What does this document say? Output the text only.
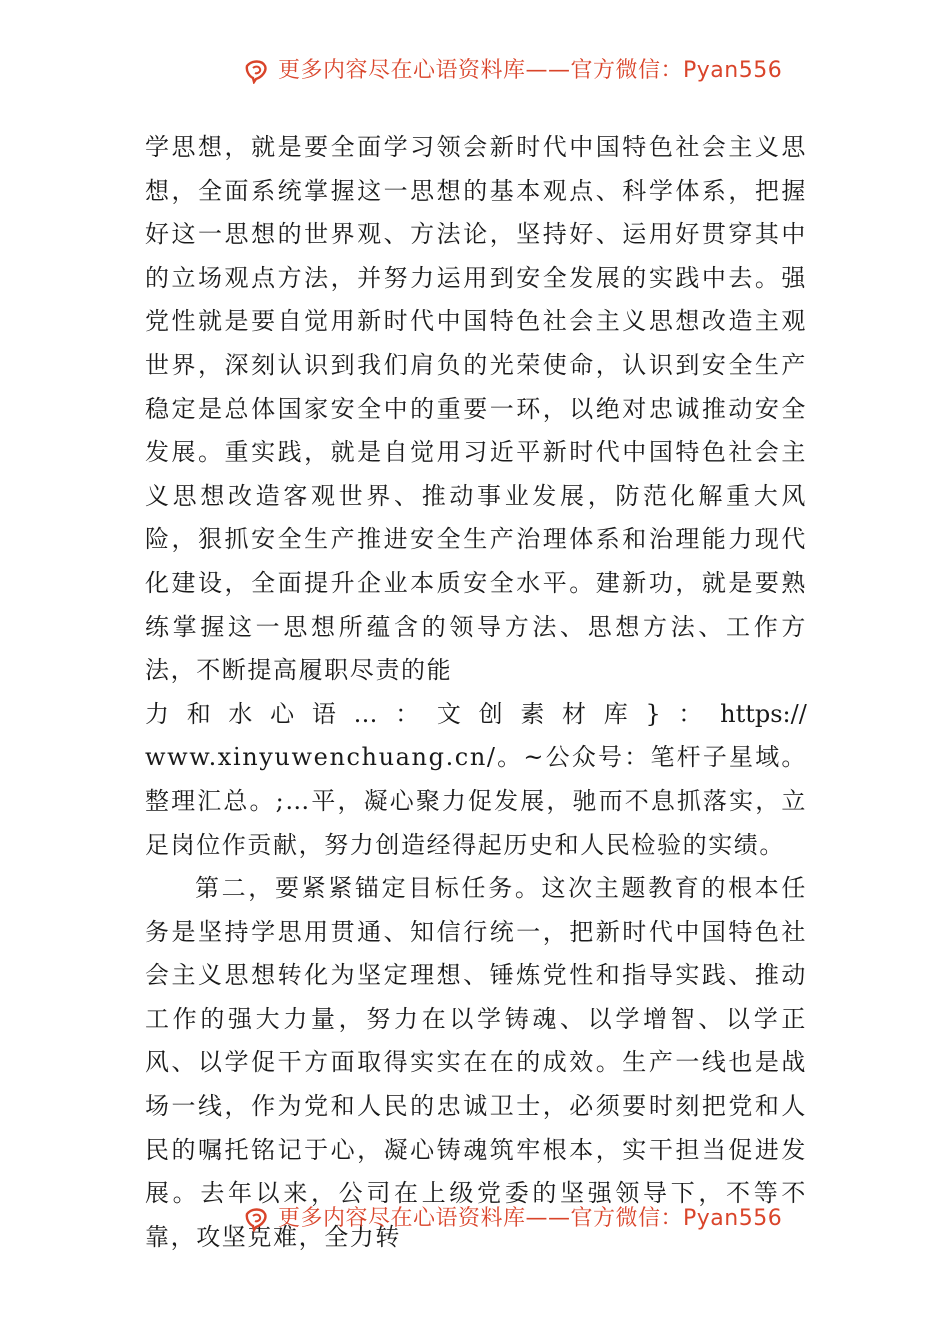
更多内容尽在心语资料库——官方微信：Pyan556

学思想，就是要全面学习领会新时代中国特色社会主义思想，全面系统掌握这一思想的基本观点、科学体系，把握好这一思想的世界观、方法论，坚持好、运用好贯穿其中的立场观点方法，并努力运用到安全发展的实践中去。强党性就是要自觉用新时代中国特色社会主义思想改造主观世界，深刻认识到我们肩负的光荣使命，认识到安全生产稳定是总体国家安全中的重要一环，以绝对忠诚推动安全发展。重实践，就是自觉用习近平新时代中国特色社会主义思想改造客观世界、推动事业发展，防范化解重大风险，狠抓安全生产推进安全生产治理体系和治理能力现代化建设，全面提升企业本质安全水平。建新功，就是要熟练掌握这一思想所蕴含的领导方法、思想方法、工作方法，不断提高履职尽责的能

力 和 水 心 语 … ： 文 创 素 材 库 } ： https://

www.xinyuwenchuang.cn/。~公众号：笔杆子星域。整理汇总。;…平，凝心聚力促发展，驰而不息抓落实，立足岗位作贡献，努力创造经得起历史和人民检验的实绩。

第二，要紧紧锚定目标任务。这次主题教育的根本任务是坚持学思用贯通、知信行统一，把新时代中国特色社会主义思想转化为坚定理想、锤炼党性和指导实践、推动工作的强大力量，努力在以学铸魂、以学增智、以学正风、以学促干方面取得实实在在的成效。生产一线也是战场一线，作为党和人民的忠诚卫士，必须要时刻把党和人民的嘱托铭记于心，凝心铸魂筑牢根本，实干担当促进发展。去年以来，公司在上级党委的坚强领导下，不等不靠，攻坚克难，全力转

更多内容尽在心语资料库——官方微信：Pyan556
